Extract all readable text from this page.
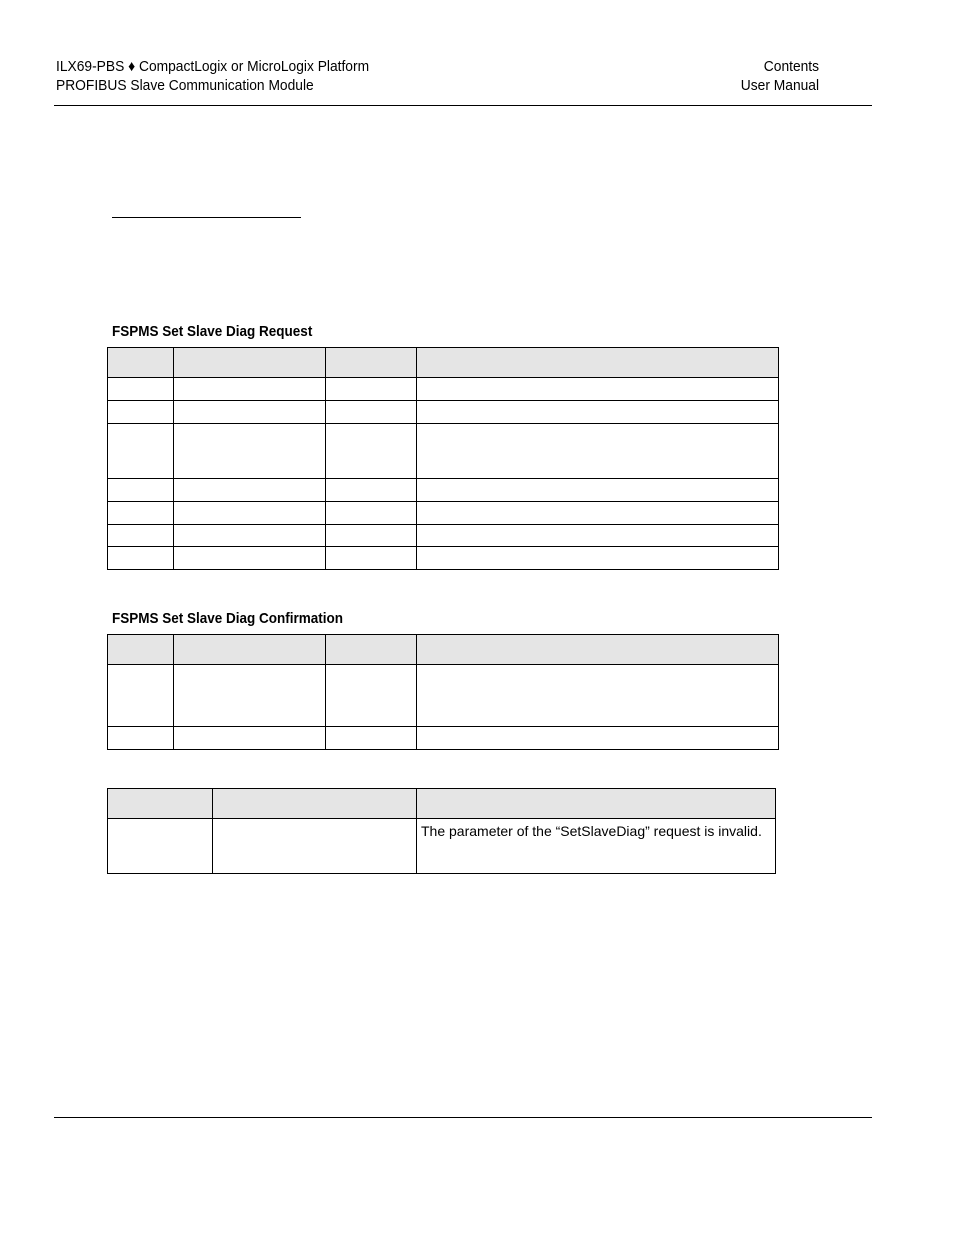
ILX69-PBS ♦ CompactLogix or MicroLogix Platform
PROFIBUS Slave Communication Module
Contents
User Manual
FSPMS Set Slave Diag Request

FSPMS Set Slave Diag Confirmation

		The parameter of the “SetSlaveDiag” request is invalid.
